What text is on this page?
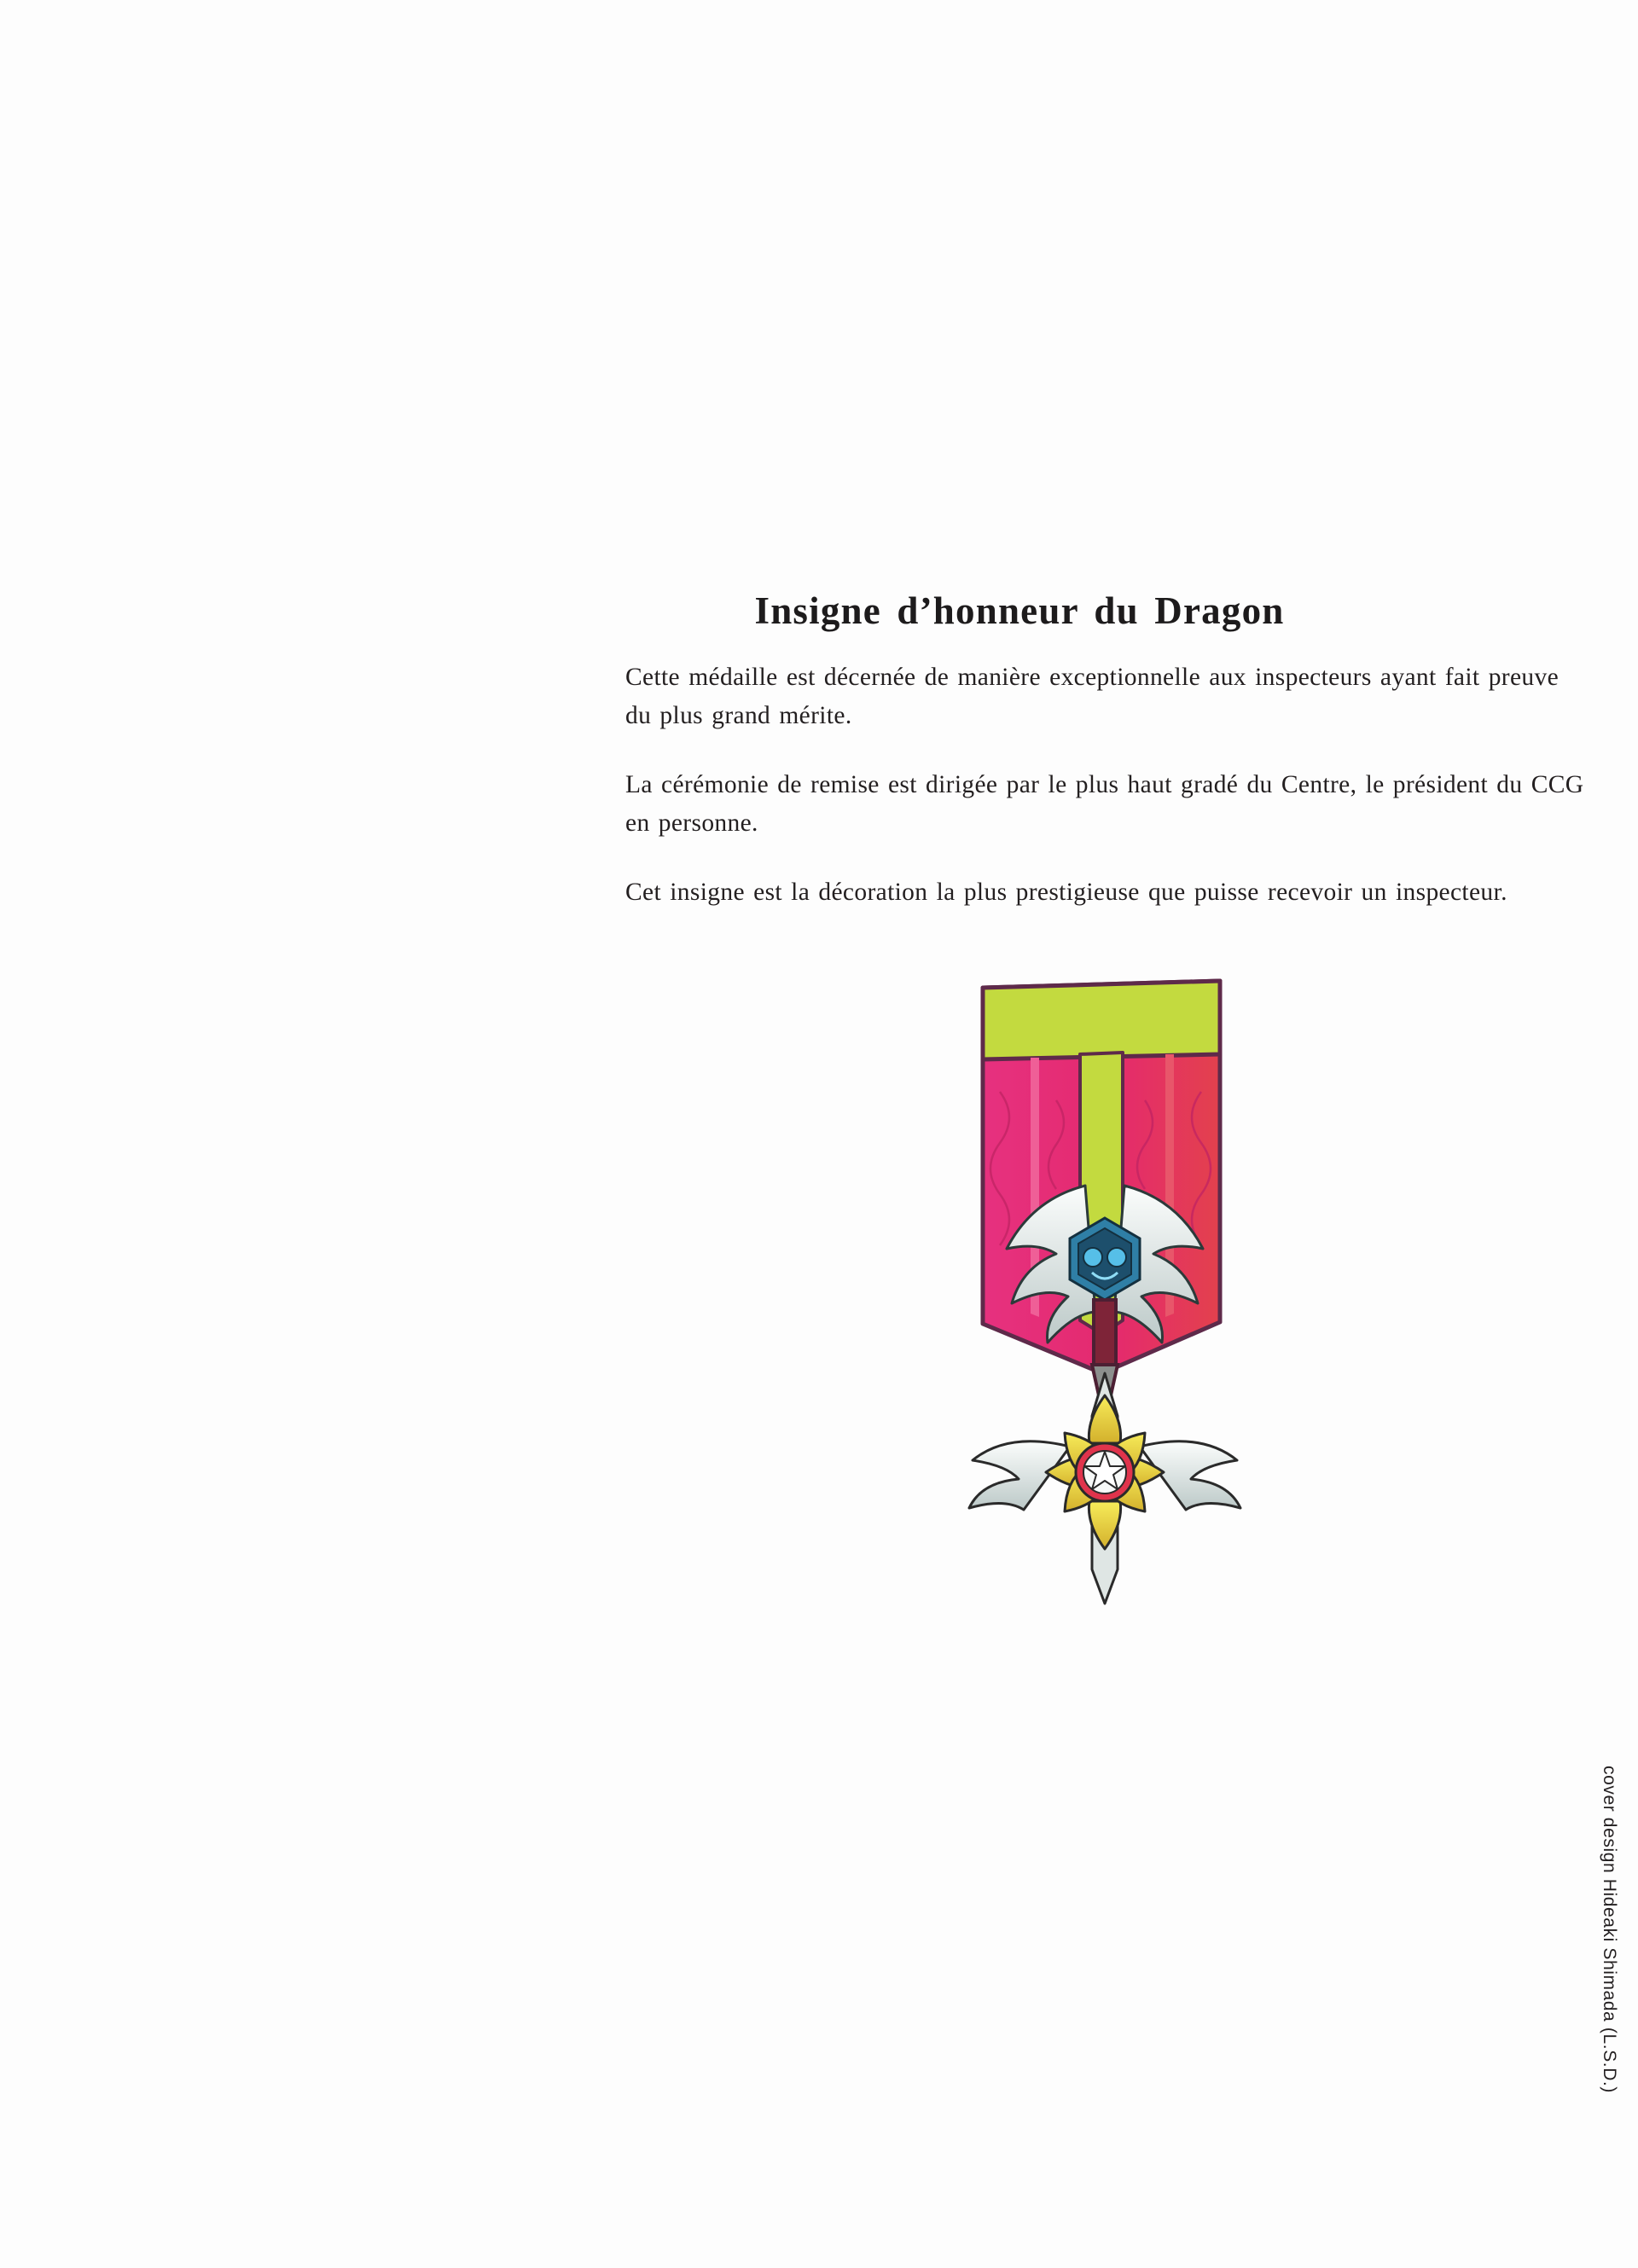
Insigne d’honneur du Dragon

Cette médaille est décernée de manière exceptionnelle aux inspecteurs ayant fait preuve du plus grand mérite.

La cérémonie de remise est dirigée par le plus haut gradé du Centre, le président du CCG en personne.

Cet insigne est la décoration la plus prestigieuse que puisse recevoir un inspecteur.

cover design Hideaki Shimada (L.S.D.)
